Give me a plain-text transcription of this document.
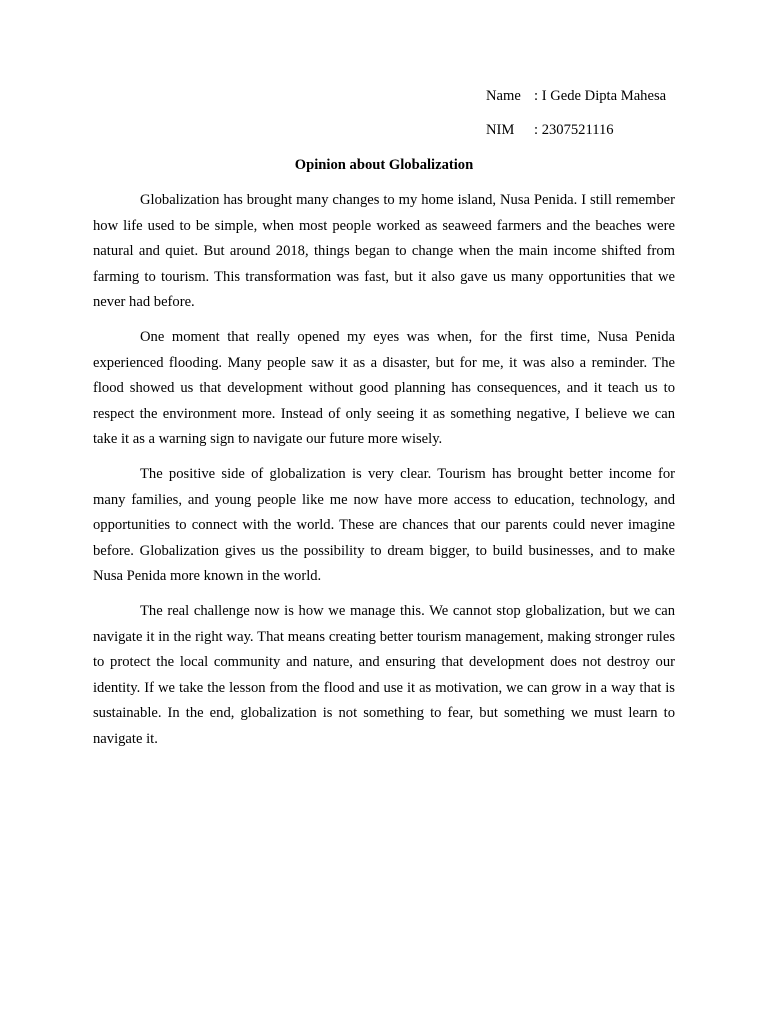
Name : I Gede Dipta Mahesa
NIM	: 2307521116
Opinion about Globalization

Globalization has brought many changes to my home island, Nusa Penida. I still remember how life used to be simple, when most people worked as seaweed farmers and the beaches were natural and quiet. But around 2018, things began to change when the main income shifted from farming to tourism. This transformation was fast, but it also gave us many opportunities that we never had before.

One moment that really opened my eyes was when, for the first time, Nusa Penida experienced flooding. Many people saw it as a disaster, but for me, it was also a reminder. The flood showed us that development without good planning has consequences, and it teach us to respect the environment more. Instead of only seeing it as something negative, I believe we can take it as a warning sign to navigate our future more wisely.

The positive side of globalization is very clear. Tourism has brought better income for many families, and young people like me now have more access to education, technology, and opportunities to connect with the world. These are chances that our parents could never imagine before. Globalization gives us the possibility to dream bigger, to build businesses, and to make Nusa Penida more known in the world.

The real challenge now is how we manage this. We cannot stop globalization, but we can navigate it in the right way. That means creating better tourism management, making stronger rules to protect the local community and nature, and ensuring that development does not destroy our identity. If we take the lesson from the flood and use it as motivation, we can grow in a way that is sustainable. In the end, globalization is not something to fear, but something we must learn to navigate it.
